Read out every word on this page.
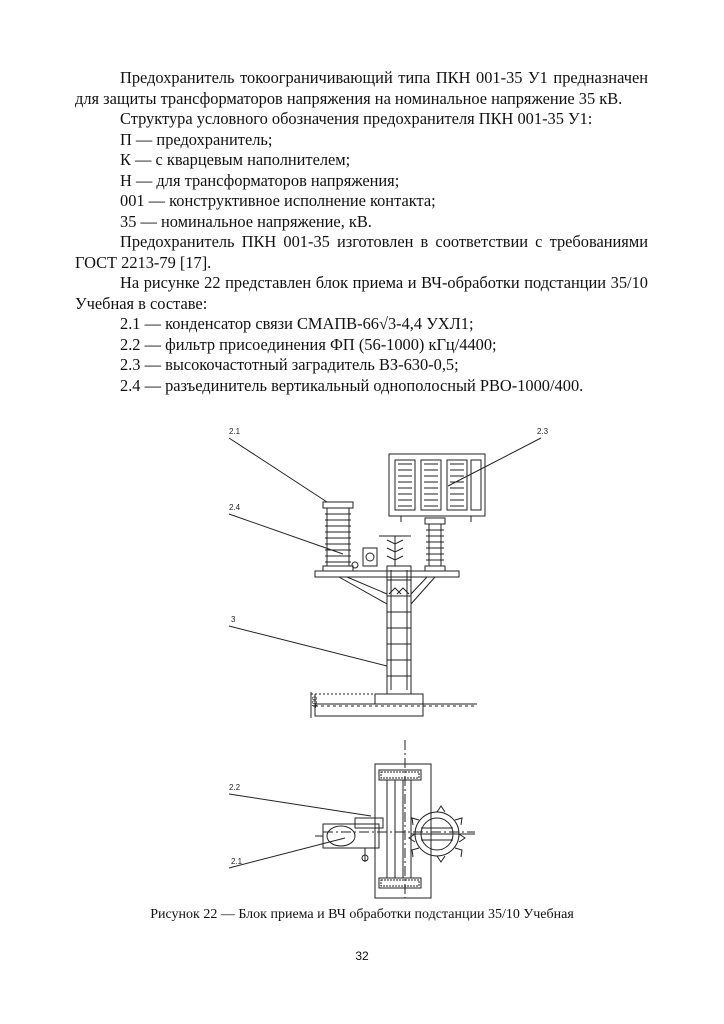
Предохранитель токоограничивающий типа ПКН 001-35 У1 предназначен для защиты трансформаторов напряжения на номинальное напряжение 35 кВ.

Структура условного обозначения предохранителя ПКН 001-35 У1:

П — предохранитель;

К — с кварцевым наполнителем;

Н — для трансформаторов напряжения;

001 — конструктивное исполнение контакта;

35 — номинальное напряжение, кВ.

Предохранитель ПКН 001-35 изготовлен в соответствии с требованиями ГОСТ 2213-79 [17].

На рисунке 22 представлен блок приема и ВЧ-обработки подстанции 35/10 Учебная в составе:

2.1 — конденсатор связи СМАПВ-66√3-4,4 УХЛ1;

2.2 — фильтр присоединения ФП (56-1000) кГц/4400;

2.3 — высокочастотный заградитель ВЗ-630-0,5;

2.4 — разъединитель вертикальный однополосный РВО-1000/400.

2.1	2.3
2.4
3
400
2.2
2.1
Рисунок 22 — Блок приема и ВЧ обработки подстанции 35/10 Учебная
32
